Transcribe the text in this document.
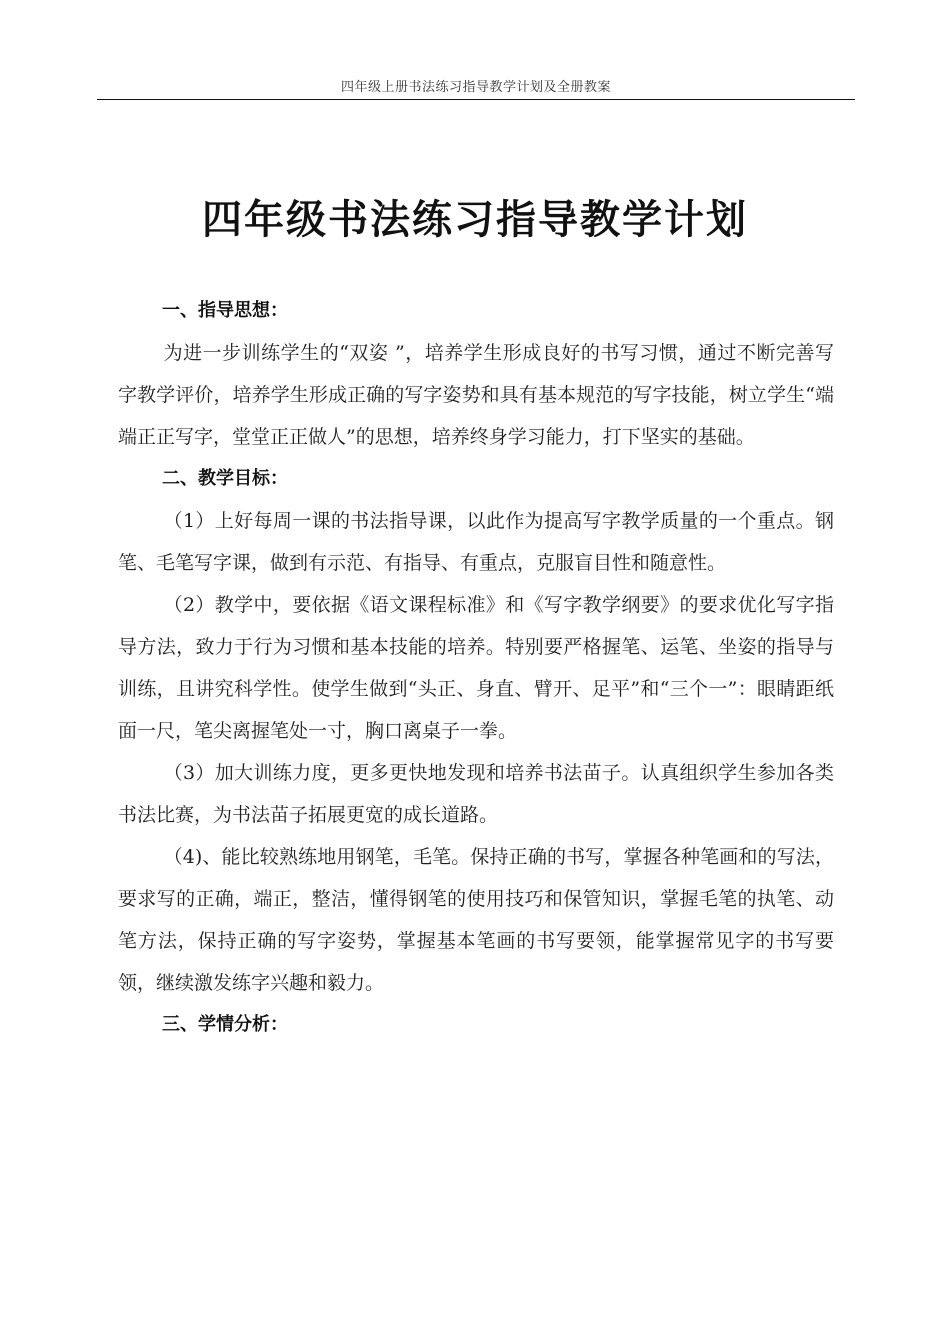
四年级上册书法练习指导教学计划及全册教案
四年级书法练习指导教学计划

一、指导思想：

为进一步训练学生的“双姿 ”，培养学生形成良好的书写习惯，通过不断完善写字教学评价，培养学生形成正确的写字姿势和具有基本规范的写字技能，树立学生“端端正正写字，堂堂正正做人”的思想，培养终身学习能力，打下坚实的基础。

二、教学目标：

（1）上好每周一课的书法指导课，以此作为提高写字教学质量的一个重点。钢笔、毛笔写字课，做到有示范、有指导、有重点，克服盲目性和随意性。

（2）教学中，要依据《语文课程标准》和《写字教学纲要》的要求优化写字指导方法，致力于行为习惯和基本技能的培养。特别要严格握笔、运笔、坐姿的指导与训练，且讲究科学性。使学生做到“头正、身直、臂开、足平”和“三个一”：眼睛距纸面一尺，笔尖离握笔处一寸，胸口离桌子一拳。

（3）加大训练力度，更多更快地发现和培养书法苗子。认真组织学生参加各类书法比赛，为书法苗子拓展更宽的成长道路。

（4)、能比较熟练地用钢笔，毛笔。保持正确的书写，掌握各种笔画和的写法，要求写的正确，端正，整洁，懂得钢笔的使用技巧和保管知识，掌握毛笔的执笔、动笔方法，保持正确的写字姿势，掌握基本笔画的书写要领，能掌握常见字的书写要领，继续激发练字兴趣和毅力。

三、学情分析：
